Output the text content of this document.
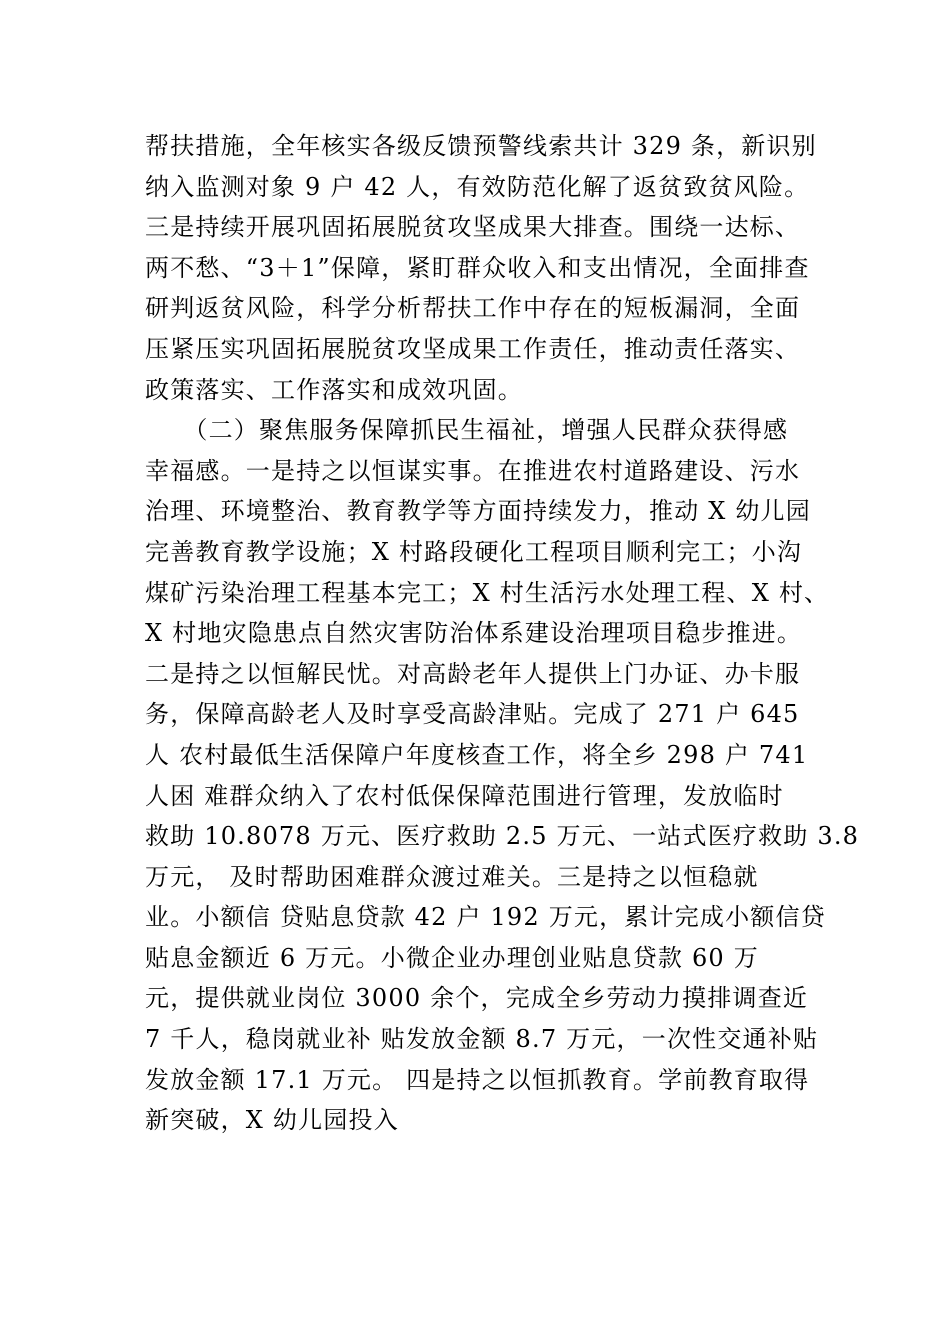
帮扶措施，全年核实各级反馈预警线索共计 329 条，新识别
纳入监测对象 9 户 42 人，有效防范化解了返贫致贫风险。
三是持续开展巩固拓展脱贫攻坚成果大排查。围绕一达标、
两不愁、“3＋1”保障，紧盯群众收入和支出情况，全面排查
研判返贫风险，科学分析帮扶工作中存在的短板漏洞，全面
压紧压实巩固拓展脱贫攻坚成果工作责任，推动责任落实、
政策落实、工作落实和成效巩固。
　　（二）聚焦服务保障抓民生福祉，增强人民群众获得感
幸福感。一是持之以恒谋实事。在推进农村道路建设、污水
治理、环境整治、教育教学等方面持续发力，推动 X 幼儿园
完善教育教学设施；X 村路段硬化工程项目顺利完工；小沟
煤矿污染治理工程基本完工；X 村生活污水处理工程、X 村、
X 村地灾隐患点自然灾害防治体系建设治理项目稳步推进。
二是持之以恒解民忧。对高龄老年人提供上门办证、办卡服
务，保障高龄老人及时享受高龄津贴。完成了 271 户 645
人 农村最低生活保障户年度核查工作，将全乡 298 户 741
人困 难群众纳入了农村低保保障范围进行管理，发放临时
救助 10.8078 万元、医疗救助 2.5 万元、一站式医疗救助 3.8
万元， 及时帮助困难群众渡过难关。三是持之以恒稳就
业。小额信 贷贴息贷款 42 户 192 万元，累计完成小额信贷
贴息金额近 6 万元。小微企业办理创业贴息贷款 60 万
元，提供就业岗位 3000 余个，完成全乡劳动力摸排调查近
7 千人，稳岗就业补 贴发放金额 8.7 万元，一次性交通补贴
发放金额 17.1 万元。 四是持之以恒抓教育。学前教育取得
新突破，X 幼儿园投入
